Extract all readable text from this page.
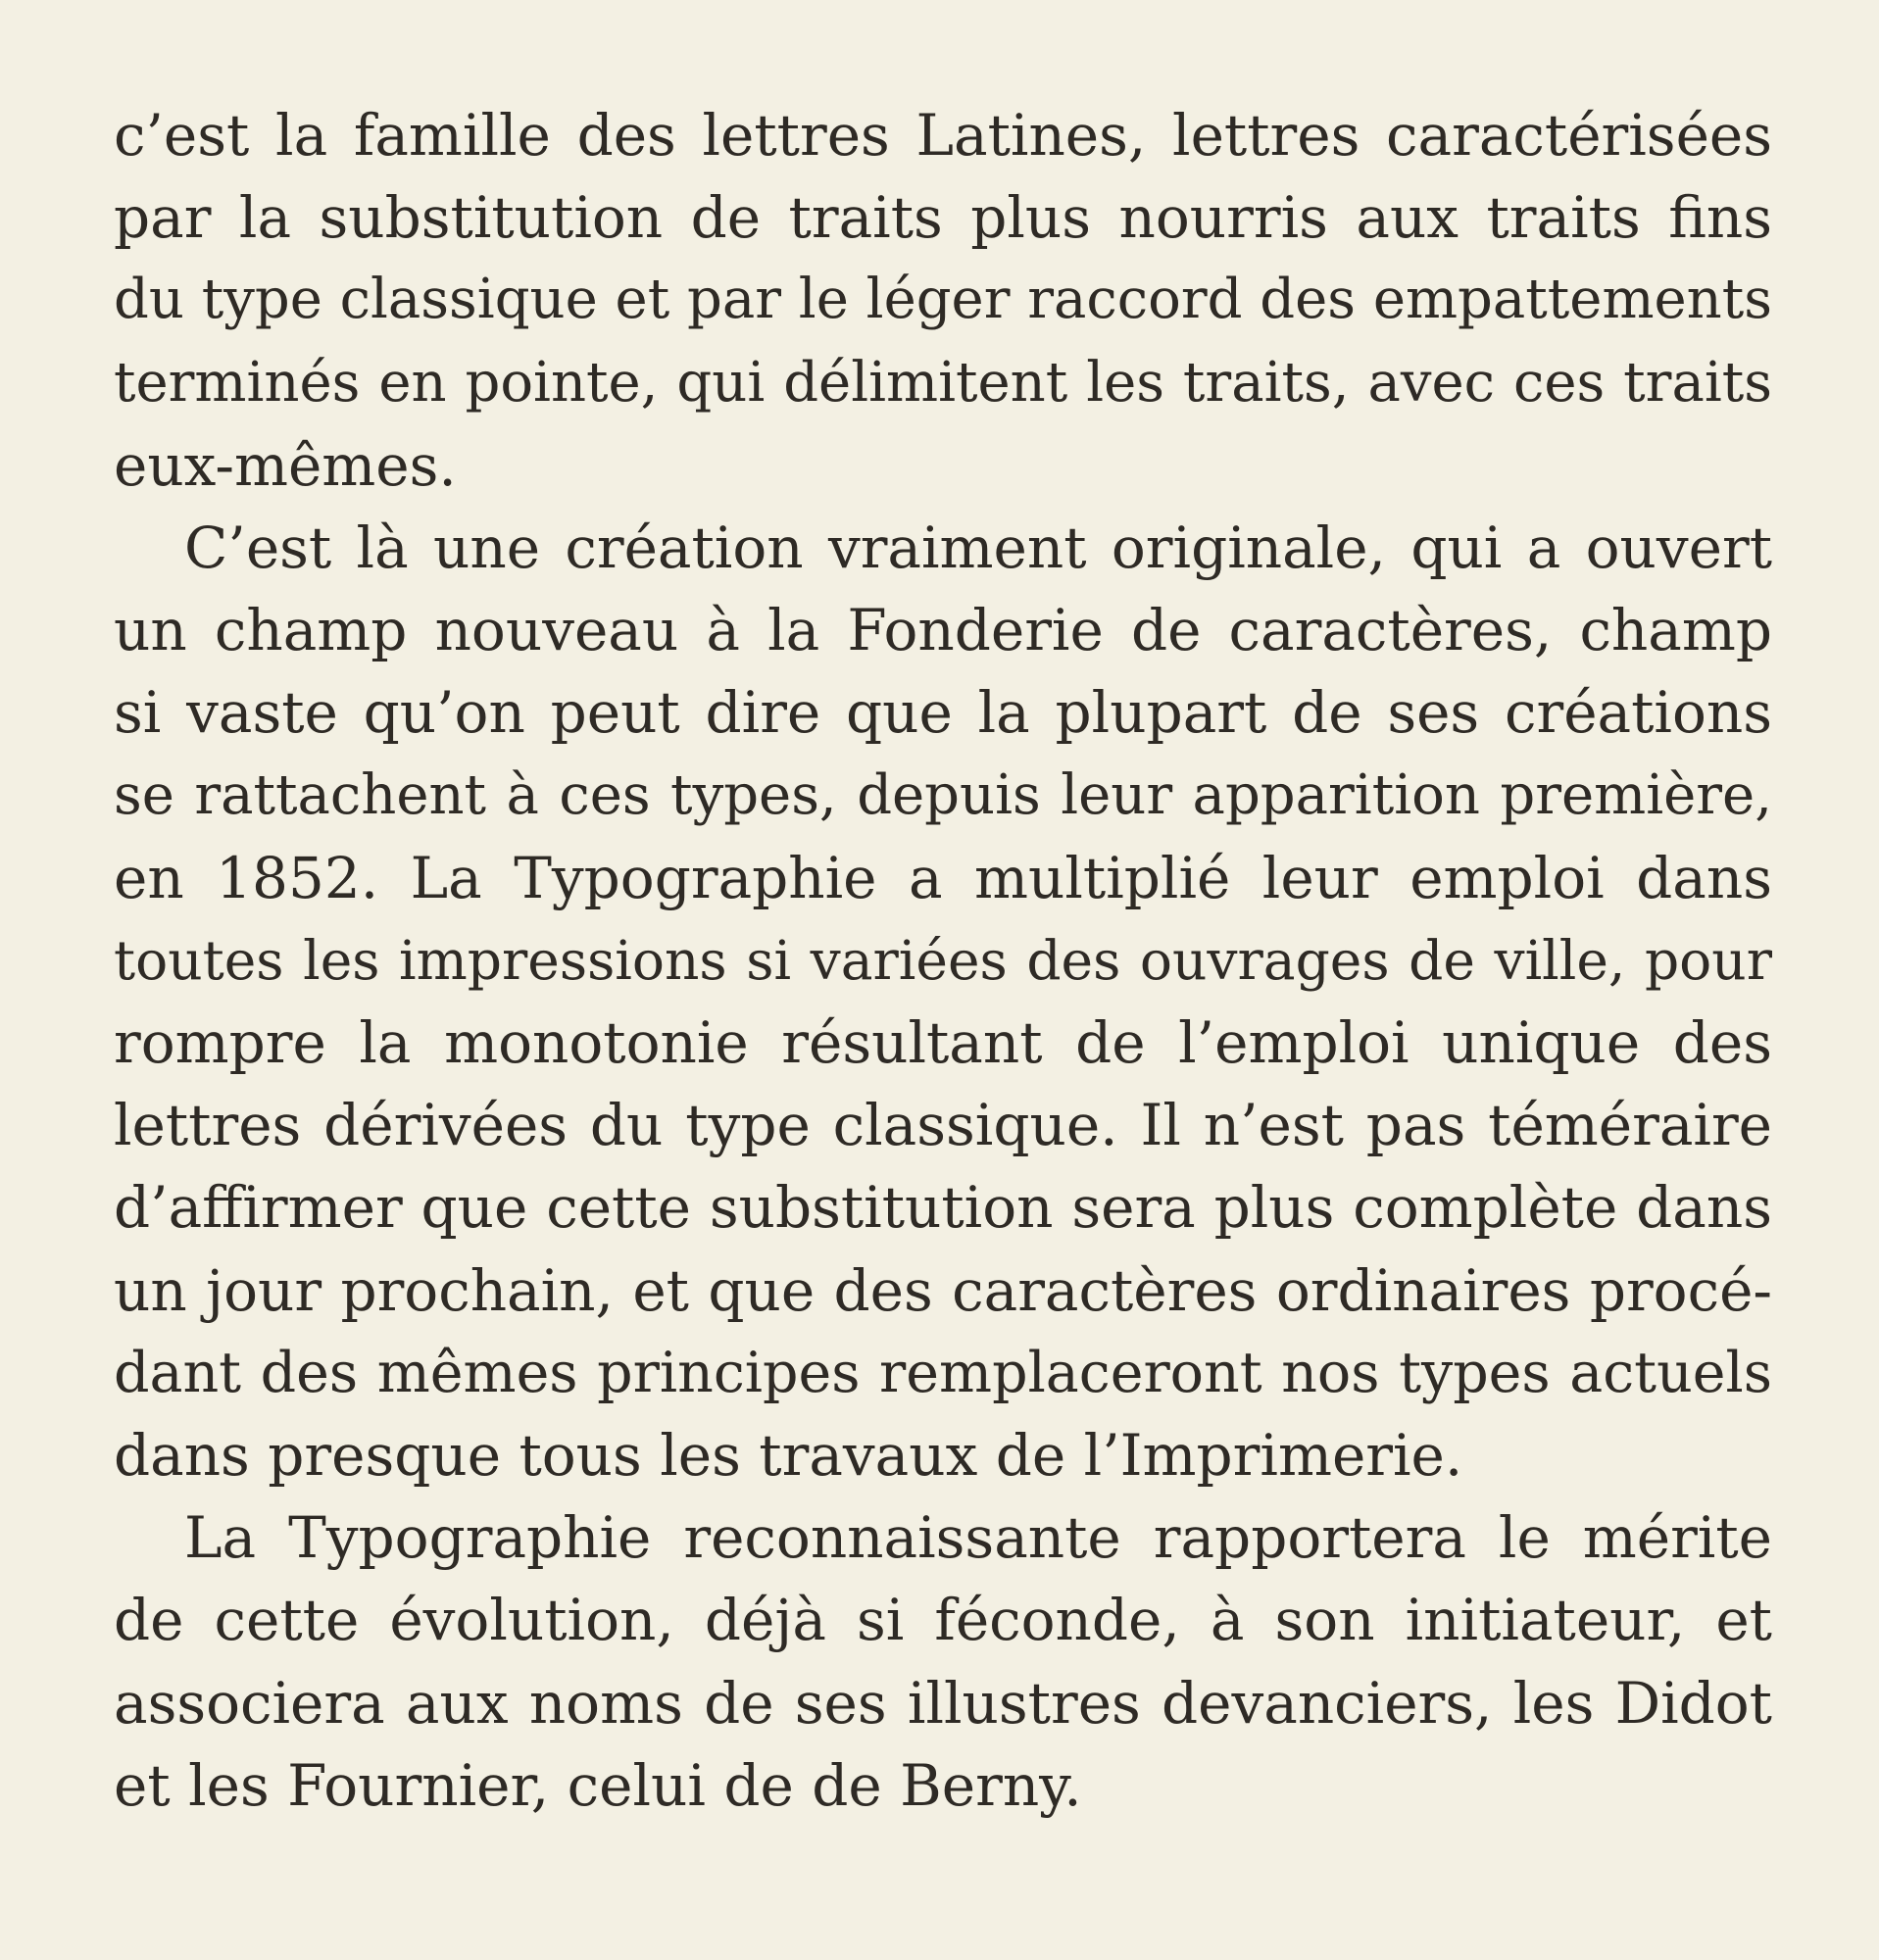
c’est la famille des lettres Latines, lettres caractérisées
par la substitution de traits plus nourris aux traits fins
du type classique et par le léger raccord des empattements
terminés en pointe, qui délimitent les traits, avec ces traits
eux-mêmes.
C’est là une création vraiment originale, qui a ouvert
un champ nouveau à la Fonderie de caractères, champ
si vaste qu’on peut dire que la plupart de ses créations
se rattachent à ces types, depuis leur apparition première,
en 1852. La Typographie a multiplié leur emploi dans
toutes les impressions si variées des ouvrages de ville, pour
rompre la monotonie résultant de l’emploi unique des
lettres dérivées du type classique. Il n’est pas téméraire
d’affirmer que cette substitution sera plus complète dans
un jour prochain, et que des caractères ordinaires procé-
dant des mêmes principes remplaceront nos types actuels
dans presque tous les travaux de l’Imprimerie.
La Typographie reconnaissante rapportera le mérite
de cette évolution, déjà si féconde, à son initiateur, et
associera aux noms de ses illustres devanciers, les Didot
et les Fournier, celui de de Berny.
